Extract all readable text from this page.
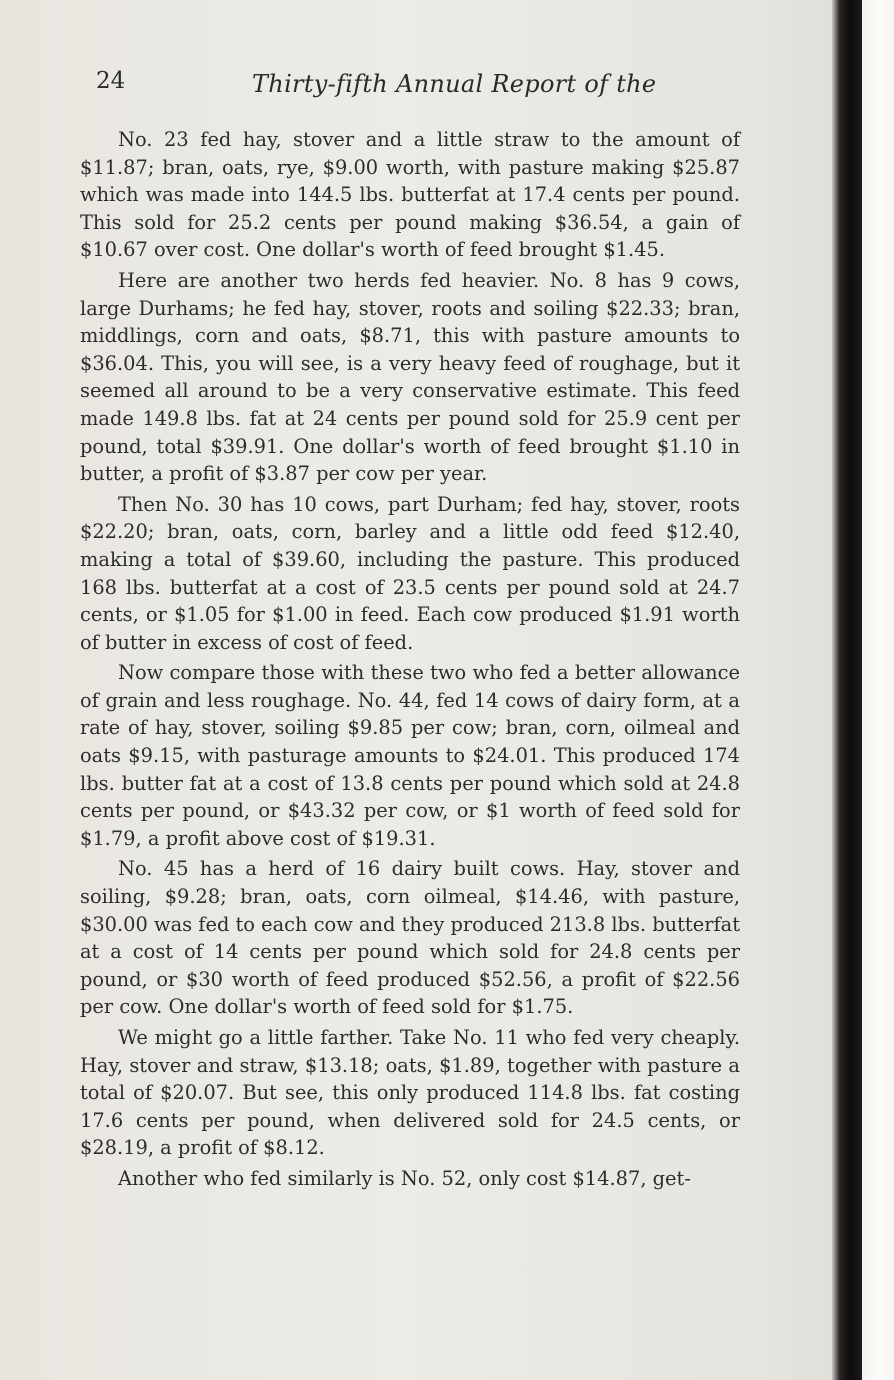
24	Thirty-fifth Annual Report of the

No. 23 fed hay, stover and a little straw to the amount of $11.87; bran, oats, rye, $9.00 worth, with pasture making $25.87 which was made into 144.5 lbs. butterfat at 17.4 cents per pound. This sold for 25.2 cents per pound making $36.54, a gain of $10.67 over cost. One dollar's worth of feed brought $1.45.

Here are another two herds fed heavier. No. 8 has 9 cows, large Durhams; he fed hay, stover, roots and soiling $22.33; bran, middlings, corn and oats, $8.71, this with pasture amounts to $36.04. This, you will see, is a very heavy feed of roughage, but it seemed all around to be a very conservative estimate. This feed made 149.8 lbs. fat at 24 cents per pound sold for 25.9 cent per pound, total $39.91. One dollar's worth of feed brought $1.10 in butter, a profit of $3.87 per cow per year.

Then No. 30 has 10 cows, part Durham; fed hay, stover, roots $22.20; bran, oats, corn, barley and a little odd feed $12.40, making a total of $39.60, including the pasture. This produced 168 lbs. butterfat at a cost of 23.5 cents per pound sold at 24.7 cents, or $1.05 for $1.00 in feed. Each cow produced $1.91 worth of butter in excess of cost of feed.

Now compare those with these two who fed a better allowance of grain and less roughage. No. 44, fed 14 cows of dairy form, at a rate of hay, stover, soiling $9.85 per cow; bran, corn, oilmeal and oats $9.15, with pasturage amounts to $24.01. This produced 174 lbs. butter fat at a cost of 13.8 cents per pound which sold at 24.8 cents per pound, or $43.32 per cow, or $1 worth of feed sold for $1.79, a profit above cost of $19.31.

No. 45 has a herd of 16 dairy built cows. Hay, stover and soiling, $9.28; bran, oats, corn oilmeal, $14.46, with pasture, $30.00 was fed to each cow and they produced 213.8 lbs. butterfat at a cost of 14 cents per pound which sold for 24.8 cents per pound, or $30 worth of feed produced $52.56, a profit of $22.56 per cow. One dollar's worth of feed sold for $1.75.

We might go a little farther. Take No. 11 who fed very cheaply. Hay, stover and straw, $13.18; oats, $1.89, together with pasture a total of $20.07. But see, this only produced 114.8 lbs. fat costing 17.6 cents per pound, when delivered sold for 24.5 cents, or $28.19, a profit of $8.12.

Another who fed similarly is No. 52, only cost $14.87, get-
